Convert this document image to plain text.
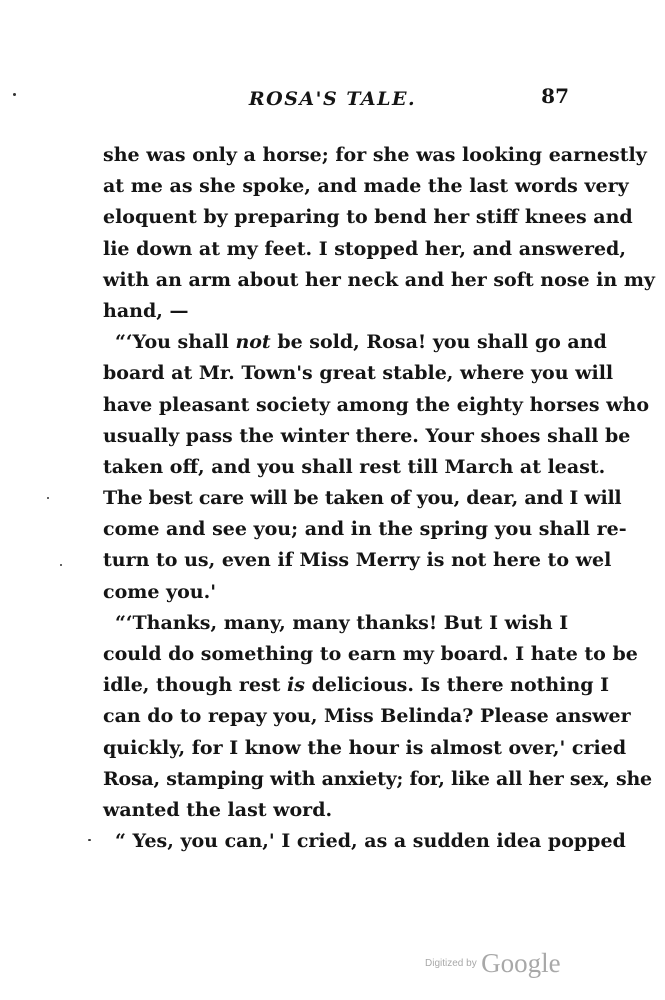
ROSA'S TALE.	87
she was only a horse; for she was looking earnestly
at me as she spoke, and made the last words very
eloquent by preparing to bend her stiff knees and
lie down at my feet. I stopped her, and answered,
with an arm about her neck and her soft nose in my
hand, —
“‘You shall not be sold, Rosa! you shall go and
board at Mr. Town's great stable, where you will
have pleasant society among the eighty horses who
usually pass the winter there. Your shoes shall be
taken off, and you shall rest till March at least.
The best care will be taken of you, dear, and I will
come and see you; and in the spring you shall re-
turn to us, even if Miss Merry is not here to wel
come you.'
“‘Thanks, many, many thanks! But I wish I
could do something to earn my board. I hate to be
idle, though rest is delicious. Is there nothing I
can do to repay you, Miss Belinda? Please answer
quickly, for I know the hour is almost over,' cried
Rosa, stamping with anxiety; for, like all her sex, she
wanted the last word.
“ Yes, you can,' I cried, as a sudden idea popped
Digitized by Google
